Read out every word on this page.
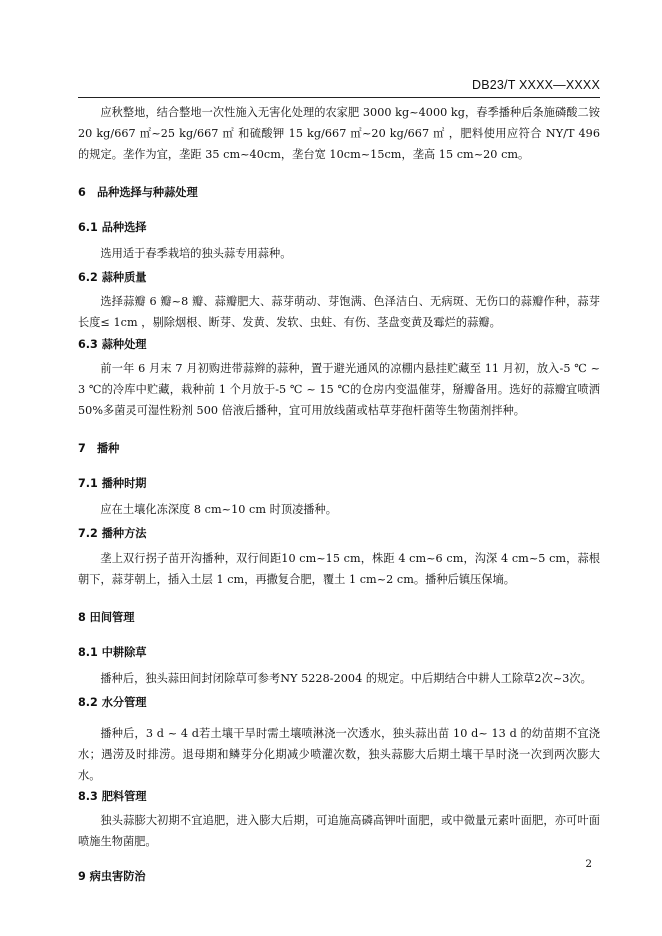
DB23/T XXXX—XXXX

应秋整地，结合整地一次性施入无害化处理的农家肥 3000 kg~4000 kg，春季播种后条施磷酸二铵 20 kg/667 ㎡~25 kg/667 ㎡ 和硫酸钾 15 kg/667 ㎡~20 kg/667 ㎡ ，肥料使用应符合 NY/T 496 的规定。垄作为宜，垄距 35 cm~40cm，垄台宽 10cm~15cm，垄高 15 cm~20 cm。

6　品种选择与种蒜处理
6.1 品种选择

选用适于春季栽培的独头蒜专用蒜种。

6.2 蒜种质量

选择蒜瓣 6 瓣~8 瓣、蒜瓣肥大、蒜芽萌动、芽饱满、色泽洁白、无病斑、无伤口的蒜瓣作种，蒜芽长度≤ 1cm ，剔除烟根、断芽、发黄、发软、虫蛀、有伤、茎盘变黄及霉烂的蒜瓣。

6.3 蒜种处理

前一年 6 月末 7 月初购进带蒜辫的蒜种，置于避光通风的凉棚内悬挂贮藏至 11 月初，放入-5 ℃ ~ 3 ℃的冷库中贮藏，栽种前 1 个月放于-5 ℃ ~ 15 ℃的仓房内变温催芽，掰瓣备用。选好的蒜瓣宜喷洒 50%多菌灵可湿性粉剂 500 倍液后播种，宜可用放线菌或枯草芽孢杆菌等生物菌剂拌种。

7　播种
7.1 播种时期

应在土壤化冻深度 8 cm~10 cm 时顶凌播种。

7.2 播种方法

垄上双行拐子苗开沟播种，双行间距10 cm~15 cm，株距 4 cm~6 cm，沟深 4 cm~5 cm，蒜根朝下，蒜芽朝上，插入土层 1 cm，再撒复合肥，覆土 1 cm~2 cm。播种后镇压保墒。

8 田间管理
8.1 中耕除草

播种后，独头蒜田间封闭除草可参考NY 5228-2004 的规定。中后期结合中耕人工除草2次~3次。

8.2 水分管理

播种后，3 d ~ 4 d若土壤干旱时需土壤喷淋浇一次透水，独头蒜出苗 10 d~ 13 d 的幼苗期不宜浇水；遇涝及时排涝。退母期和鳞芽分化期减少喷灌次数，独头蒜膨大后期土壤干旱时浇一次到两次膨大水。

8.3 肥料管理

独头蒜膨大初期不宜追肥，进入膨大后期，可追施高磷高钾叶面肥，或中微量元素叶面肥，亦可叶面喷施生物菌肥。

9 病虫害防治
2
